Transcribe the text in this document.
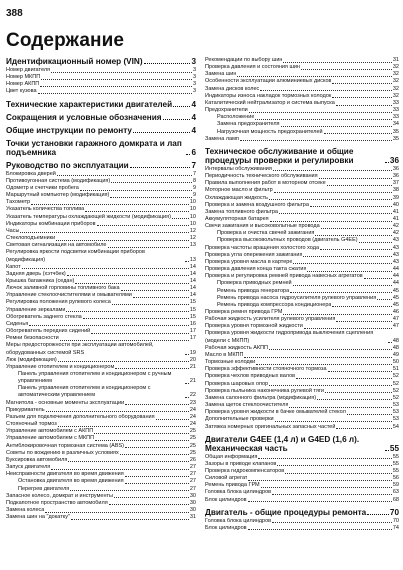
388
Содержание
Идентификационный номер (VIN)	3
Номер двигателя	3
Номер МКПП	3
Номер АКПП	3
Цвет кузова	3
Технические характеристики двигателей 4
Сокращения и условные обозначения	4
Общие инструкции по ремонту	4
Точки установки гаражного домкрата и лап подъемника	6
Руководство по эксплуатации	7
Блокировка дверей	7
Противоугонная система (модификация)	8
Одометр и счетчики пробега	9
Маршрутный компьютер (модификация)	9
Тахометр	10
Указатель количества топлива	10
Указатель температуры охлаждающей жидкости (модификация)	10
Индикаторы комбинации приборов	10
Часы	12
Стеклоподъемники	12
Световая сигнализация на автомобиле	13
Регулировка яркости подсветки комбинации приборов (модификация)	13
Капот	14
Задняя дверь (хэтчбек)	14
Крышка багажника (седан)	14
Лючок заливной горловины топливного бака	14
Управление стеклоочистителями и омывателями	14
Регулировка положения рулевого колеса	15
Управление зеркалами	15
Обогреватель заднего стекла	15
Сиденья	16
Обогреватель передних сидений	17
Ремни безопасности	17
Меры предосторожности при эксплуатации автомобилей, оборудованных системой SRS	19
Люк (модификация)	20
Управление отопителем и кондиционером	21
Панель управления отопителем и кондиционером с ручным управлением	21
Панель управления отопителем и кондиционером с автоматическим управлением	22
Магнитола - основные моменты эксплуатации	23
Прикуриватель	24
Разъем для подключения дополнительного оборудования	24
Стояночный тормоз	24
Управление автомобилем с АКПП	25
Управление автомобилем с МКПП	25
Антиблокировочная тормозная система (ABS)	25
Советы по вождению в различных условиях	25
Буксировка автомобиля	26
Запуск двигателя	27
Неисправности двигателя во время движения	27
Остановка двигателя во время движения	27
Перегрев двигателя	27
Запасное колесо, домкрат и инструменты	30
Подкапотное пространство автомобиля	30
Замена колеса	30
Замена шин на "докатку"	31
Рекомендации по выбору шин	31
Проверка давления и состояния шин	32
Замена шин	32
Особенности эксплуатации алюминиевых дисков	32
Замена дисков колес	32
Индикаторы износа накладок тормозных колодок	32
Каталитический нейтрализатор и система выпуска	33
Предохранители	33
Расположение	33
Замена предохранителя	34
Нагрузочная мощность предохранителей	35
Замена ламп	35
Техническое обслуживание и общие процедуры проверки и регулировки	36
Интервалы обслуживания	36
Периодичность технического обслуживания	36
Правила выполнения работ в моторном отсеке	37
Моторное масло и фильтр	38
Охлаждающая жидкость	39
Проверка и замена воздушного фильтра	40
Замена топливного фильтра	41
Аккумуляторная батарея	41
Свечи зажигания и высоковольтные провода	42
Проверка и очистка свечей зажигания	42
Проверка высоковольтных проводов (двигатель G4EE)	43
Проверка частоты вращения холостого хода	43
Проверка угла опережения зажигания	43
Проверка уровня масла в картере	43
Проверка давления конца такта сжатия	44
Проверка и регулировка ремней привода навесных агрегатов	44
Проверка приводных ремней	44
Ремень привода генератора	45
Ремень привода насоса гидроусилителя рулевого управления	45
Ремень привода компрессора кондиционера	45
Проверка ремня привода ГРМ	46
Рабочая жидкость усилителя рулевого управления	47
Проверка уровня тормозной жидкости	47
Проверка уровня жидкости гидропривода выключения сцепления (модели с МКПП)	48
Рабочая жидкость АКПП	48
Масло в МКПП	49
Тормозные колодки	50
Проверка эффективности стояночного тормоза	51
Проверка чехлов приводных валов	52
Проверка шаровых опор	52
Проверка пыльника наконечника рулевой тяги	52
Замена салонного фильтра (модификация)	52
Замена щеток стеклоочистителя	53
Проверка уровня жидкости в бачке омывателей стекол	53
Дополнительные проверки	53
Затяжка номерных оригинальных запасных частей	54
Двигатели G4EE (1,4 л) и G4ED (1,6 л). Механическая часть	55
Общая информация	55
Зазоры в приводе клапанов	55
Проверка гидрокомпенсаторов	55
Силовой агрегат	56
Ремень привода ГРМ	59
Головка блока цилиндров	63
Блок цилиндров	68
Двигатель - общие процедуры ремонта	70
Головка блока цилиндров	70
Блок цилиндров	74
